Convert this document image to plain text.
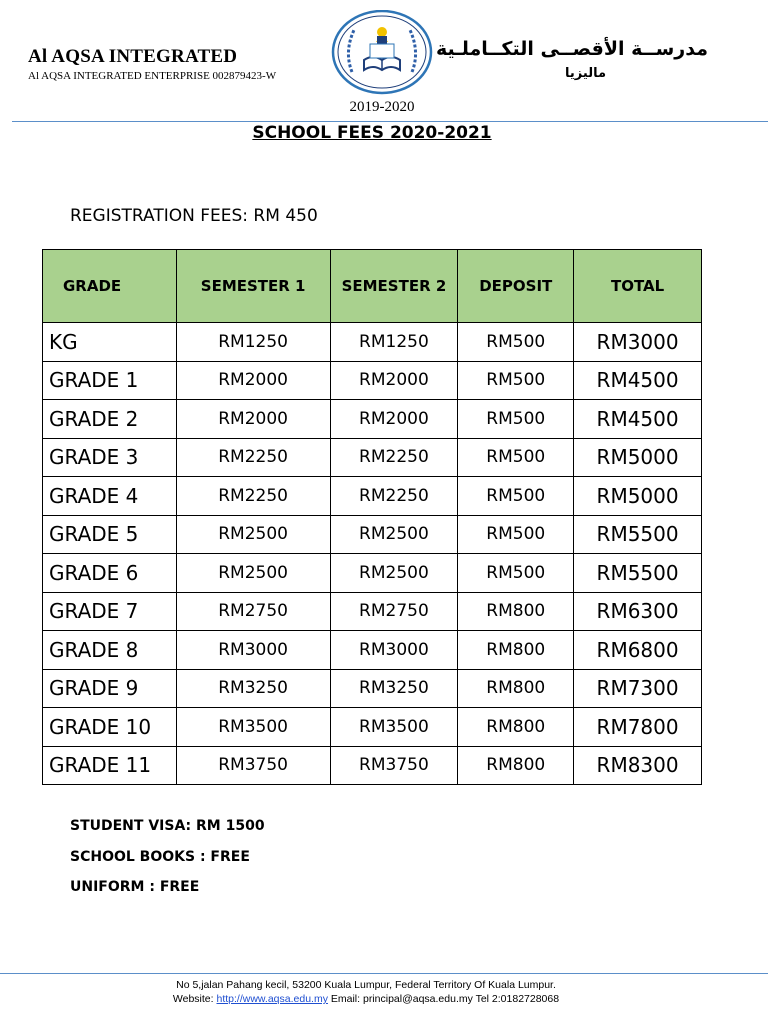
Al AQSA INTEGRATED
Al AQSA INTEGRATED ENTERPRISE 002879423-W
2019-2020
مدرســة الأقصــى التكــاملـية
ماليزيا
SCHOOL FEES 2020-2021
REGISTRATION FEES: RM 450
GRADE	SEMESTER 1	SEMESTER 2	DEPOSIT	TOTAL
KG	RM1250	RM1250	RM500	RM3000
GRADE 1	RM2000	RM2000	RM500	RM4500
GRADE 2	RM2000	RM2000	RM500	RM4500
GRADE 3	RM2250	RM2250	RM500	RM5000
GRADE 4	RM2250	RM2250	RM500	RM5000
GRADE 5	RM2500	RM2500	RM500	RM5500
GRADE 6	RM2500	RM2500	RM500	RM5500
GRADE 7	RM2750	RM2750	RM800	RM6300
GRADE 8	RM3000	RM3000	RM800	RM6800
GRADE 9	RM3250	RM3250	RM800	RM7300
GRADE 10	RM3500	RM3500	RM800	RM7800
GRADE 11	RM3750	RM3750	RM800	RM8300
STUDENT VISA: RM 1500
SCHOOL BOOKS : FREE
UNIFORM : FREE
No 5,jalan Pahang kecil, 53200 Kuala Lumpur, Federal Territory Of Kuala Lumpur.
Website: http://www.aqsa.edu.my Email: principal@aqsa.edu.my Tel 2:0182728068
